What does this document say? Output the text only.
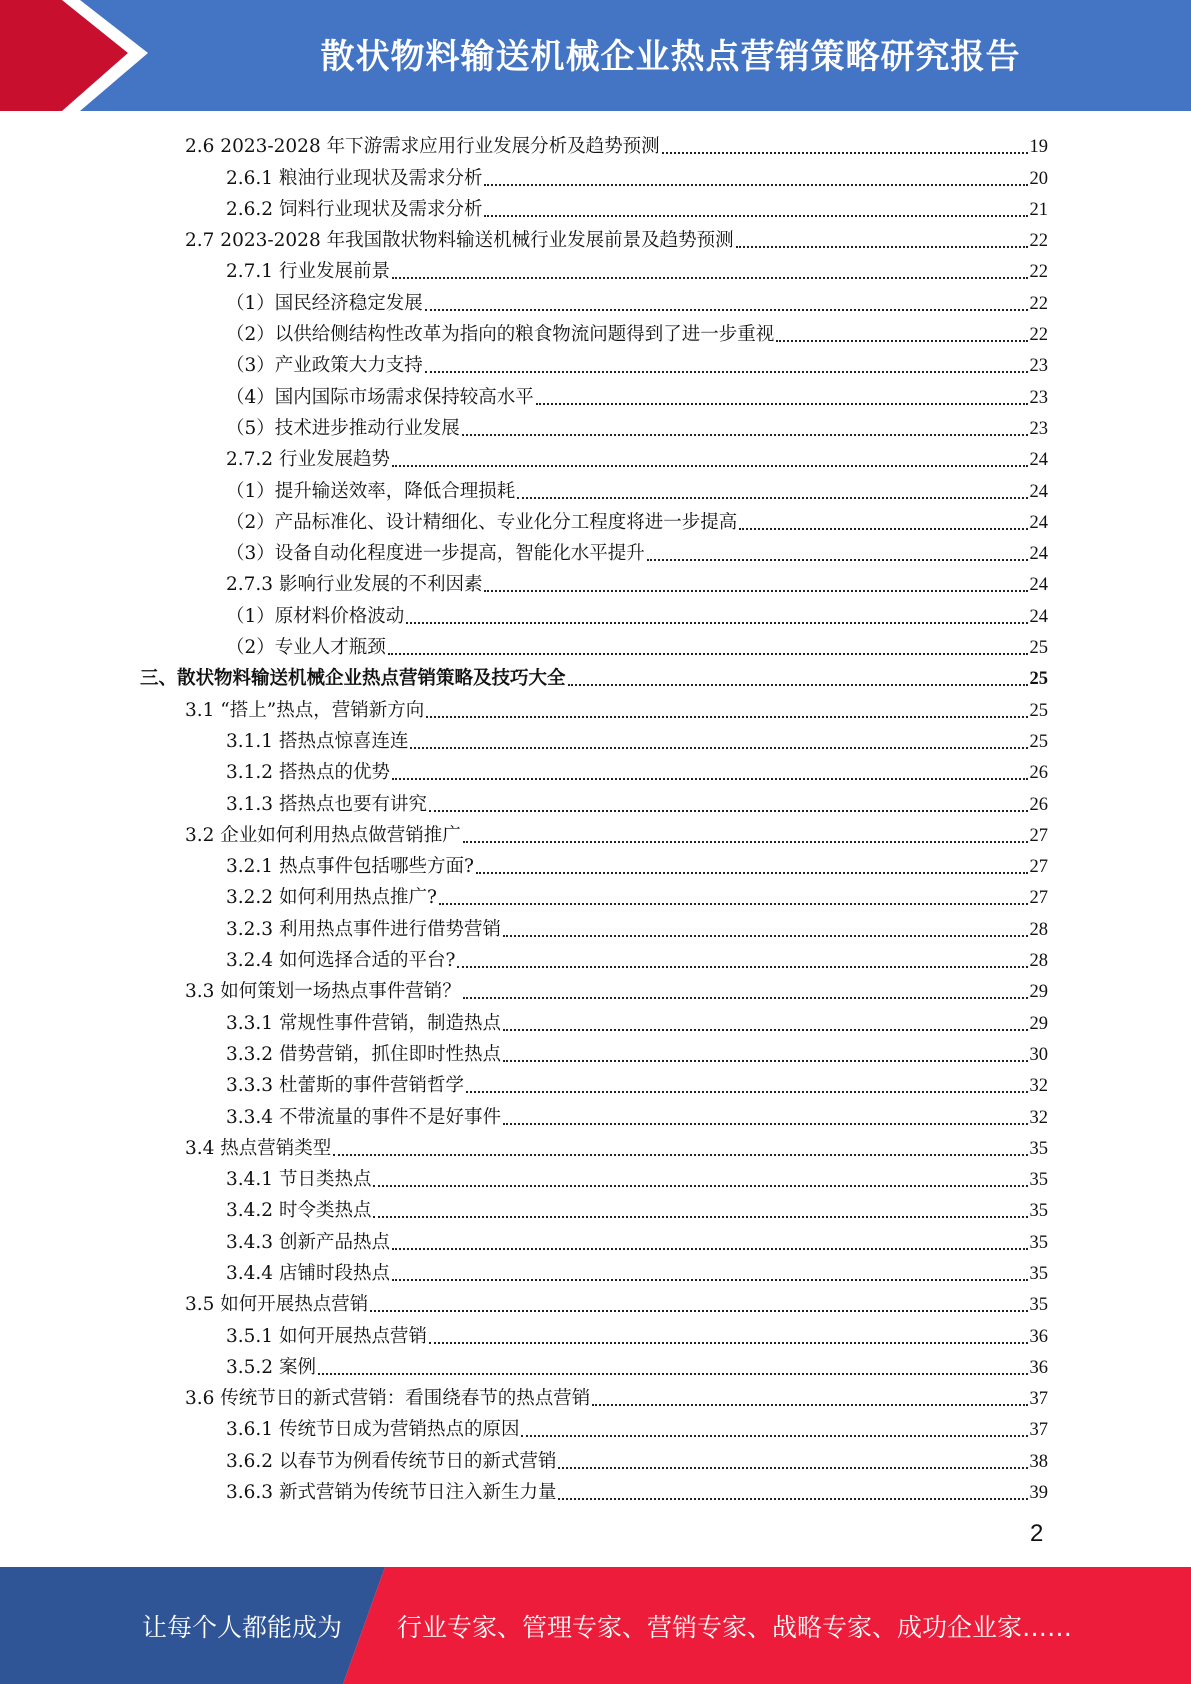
散状物料输送机械企业热点营销策略研究报告
2.6 2023-2028 年下游需求应用行业发展分析及趋势预测	19
2.6.1 粮油行业现状及需求分析	20
2.6.2 饲料行业现状及需求分析	21
2.7 2023-2028 年我国散状物料输送机械行业发展前景及趋势预测	22
2.7.1 行业发展前景	22
（1）国民经济稳定发展	22
（2）以供给侧结构性改革为指向的粮食物流问题得到了进一步重视	22
（3）产业政策大力支持	23
（4）国内国际市场需求保持较高水平	23
（5）技术进步推动行业发展	23
2.7.2 行业发展趋势	24
（1）提升输送效率，降低合理损耗	24
（2）产品标准化、设计精细化、专业化分工程度将进一步提高	24
（3）设备自动化程度进一步提高，智能化水平提升	24
2.7.3 影响行业发展的不利因素	24
（1）原材料价格波动	24
（2）专业人才瓶颈	25
三、散状物料输送机械企业热点营销策略及技巧大全	25
3.1 “搭上”热点，营销新方向	25
3.1.1 搭热点惊喜连连	25
3.1.2 搭热点的优势	26
3.1.3 搭热点也要有讲究	26
3.2 企业如何利用热点做营销推广	27
3.2.1 热点事件包括哪些方面?	27
3.2.2 如何利用热点推广?	27
3.2.3 利用热点事件进行借势营销	28
3.2.4 如何选择合适的平台?	28
3.3 如何策划一场热点事件营销？	29
3.3.1 常规性事件营销，制造热点	29
3.3.2 借势营销，抓住即时性热点	30
3.3.3 杜蕾斯的事件营销哲学	32
3.3.4 不带流量的事件不是好事件	32
3.4 热点营销类型	35
3.4.1 节日类热点	35
3.4.2 时令类热点	35
3.4.3 创新产品热点	35
3.4.4 店铺时段热点	35
3.5 如何开展热点营销	35
3.5.1 如何开展热点营销	36
3.5.2 案例	36
3.6 传统节日的新式营销：看围绕春节的热点营销	37
3.6.1 传统节日成为营销热点的原因	37
3.6.2 以春节为例看传统节日的新式营销	38
3.6.3 新式营销为传统节日注入新生力量	39
2
让每个人都能成为 行业专家、管理专家、营销专家、战略专家、成功企业家……
